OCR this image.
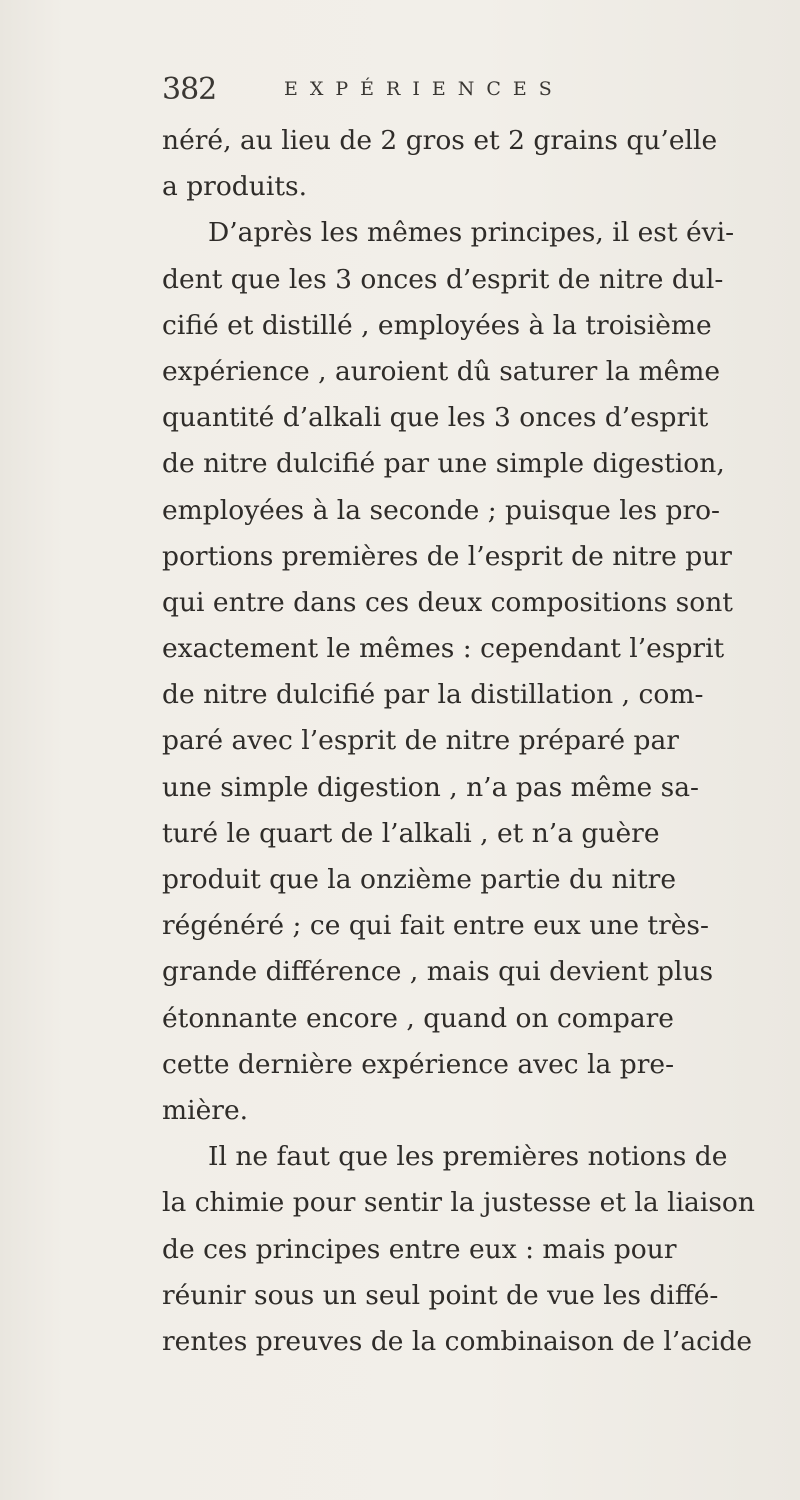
382	EXPÉRIENCES
néré, au lieu de 2 gros et 2 grains qu’elle
a produits.
D’après les mêmes principes, il est évi-
dent que les 3 onces d’esprit de nitre dul-
cifié et distillé , employées à la troisième
expérience , auroient dû saturer la même
quantité d’alkali que les 3 onces d’esprit
de nitre dulcifié par une simple digestion,
employées à la seconde ; puisque les pro-
portions premières de l’esprit de nitre pur
qui entre dans ces deux compositions sont
exactement le mêmes : cependant l’esprit
de nitre dulcifié par la distillation , com-
paré avec l’esprit de nitre préparé par
une simple digestion , n’a pas même sa-
turé le quart de l’alkali , et n’a guère
produit que la onzième partie du nitre
régénéré ; ce qui fait entre eux une très-
grande différence , mais qui devient plus
étonnante encore , quand on compare
cette dernière expérience avec la pre-
mière.
Il ne faut que les premières notions de
la chimie pour sentir la justesse et la liaison
de ces principes entre eux : mais pour
réunir sous un seul point de vue les diffé-
rentes preuves de la combinaison de l’acide
